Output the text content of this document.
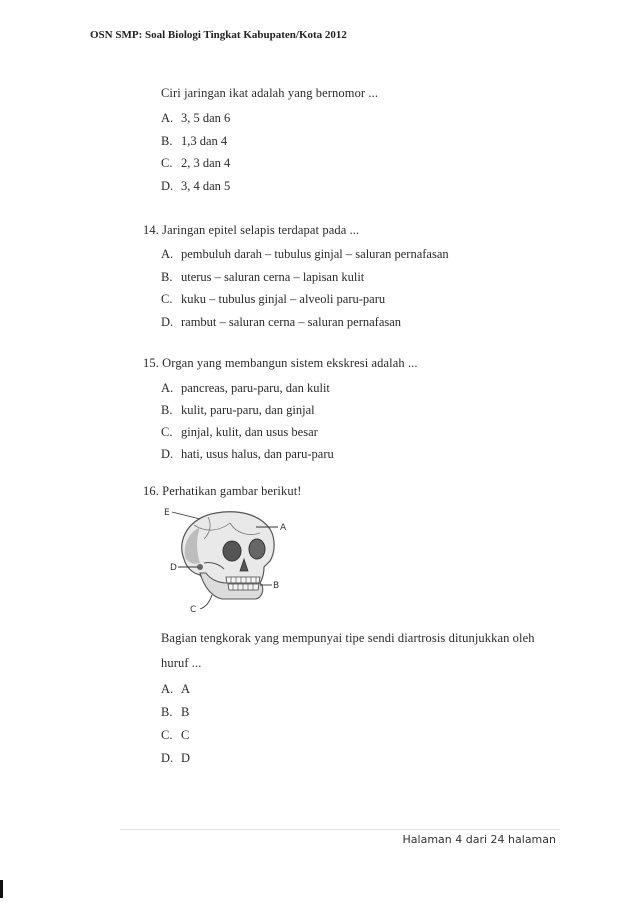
OSN SMP: Soal Biologi Tingkat Kabupaten/Kota 2012
Ciri jaringan ikat adalah yang bernomor ...
A. 3, 5 dan 6
B. 1,3 dan 4
C. 2, 3 dan 4
D. 3, 4 dan 5
14. Jaringan epitel selapis terdapat pada ...
A. pembuluh darah – tubulus ginjal – saluran pernafasan
B. uterus – saluran cerna – lapisan kulit
C. kuku – tubulus ginjal – alveoli paru-paru
D. rambut – saluran cerna – saluran pernafasan
15. Organ yang membangun sistem ekskresi adalah ...
A. pancreas, paru-paru, dan kulit
B. kulit, paru-paru, dan ginjal
C. ginjal, kulit, dan usus besar
D. hati, usus halus, dan paru-paru
16. Perhatikan gambar berikut!
E
A
D
B
C
Bagian tengkorak yang mempunyai tipe sendi diartrosis ditunjukkan oleh
huruf ...
A. A
B. B
C. C
D. D
Halaman 4 dari 24 halaman
